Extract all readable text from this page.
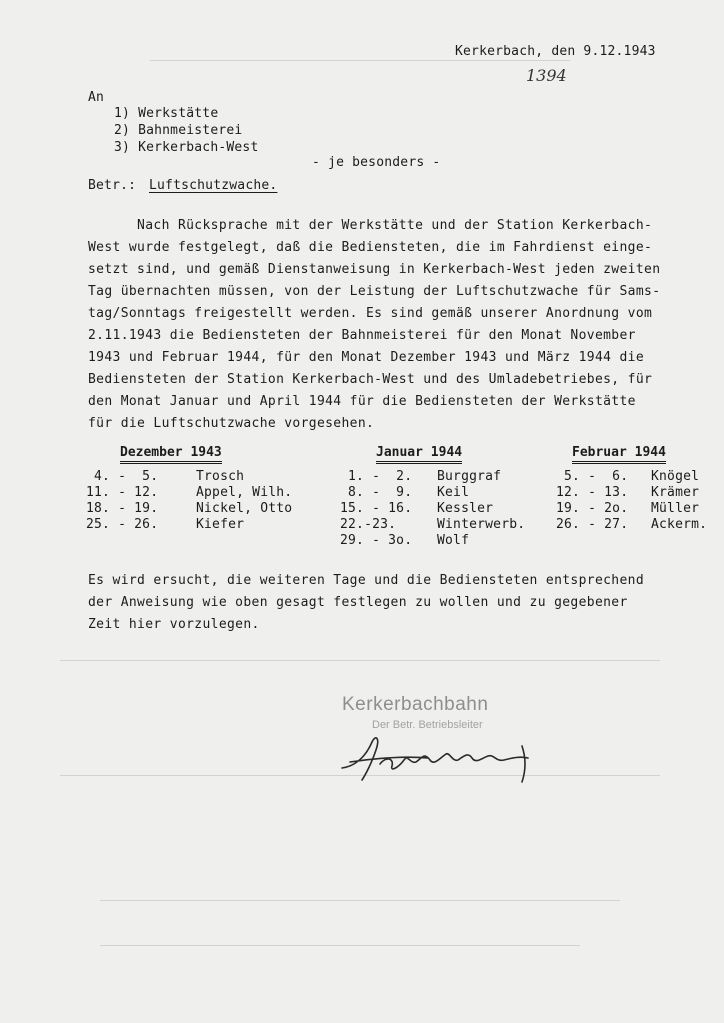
Kerkerbach, den 9.12.1943
1394
An
1) Werkstätte
2) Bahnmeisterei
3) Kerkerbach-West
- je besonders -
Betr.: Luftschutzwache.
Nach Rücksprache mit der Werkstätte und der Station Kerkerbach-
West wurde festgelegt, daß die Bediensteten, die im Fahrdienst einge-
setzt sind, und gemäß Dienstanweisung in Kerkerbach-West jeden zweiten
Tag übernachten müssen, von der Leistung der Luftschutzwache für Sams-
tag/Sonntags freigestellt werden. Es sind gemäß unserer Anordnung vom
2.11.1943 die Bediensteten der Bahnmeisterei für den Monat November
1943 und Februar 1944, für den Monat Dezember 1943 und März 1944 die
Bediensteten der Station Kerkerbach-West und des Umladebetriebes, für
den Monat Januar und April 1944 für die Bediensteten der Werkstätte
für die Luftschutzwache vorgesehen.
Dezember 1943
4. -  5.	Trosch
11. - 12.	Appel, Wilh.
18. - 19.	Nickel, Otto
25. - 26.	Kiefer
Januar 1944
1. -  2. Burggraf
8. -  9. Keil
15. - 16. Kessler
22.-23. Winterwerb.
29. - 3o. Wolf
Februar 1944
5. -  6. Knögel
12. - 13. Krämer
19. - 2o. Müller
26. - 27. Ackerm.
Es wird ersucht, die weiteren Tage und die Bediensteten entsprechend
der Anweisung wie oben gesagt festlegen zu wollen und zu gegebener
Zeit hier vorzulegen.
Kerkerbachbahn
Der Betr. Betriebsleiter
